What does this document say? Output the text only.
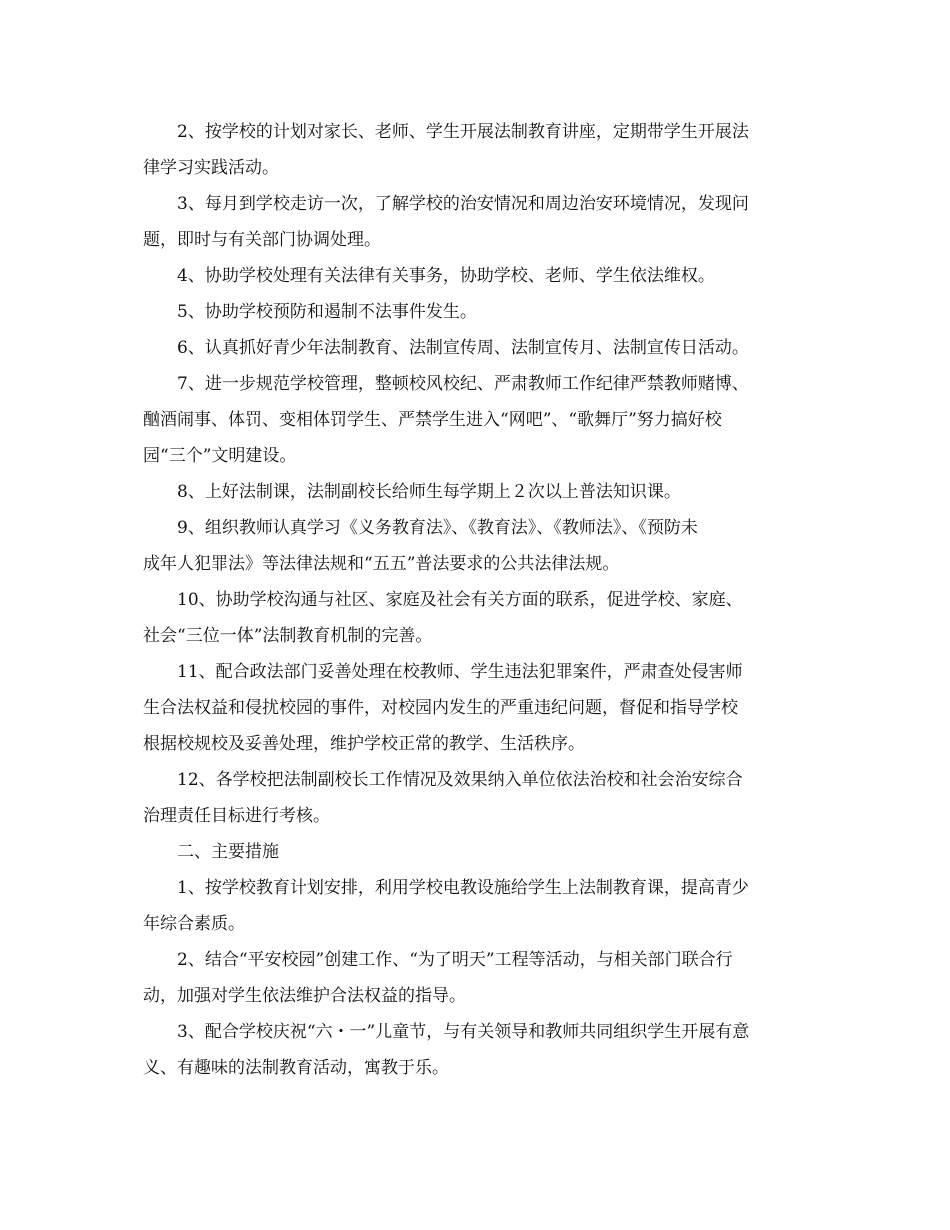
2、按学校的计划对家长、老师、学生开展法制教育讲座，定期带学生开展法
律学习实践活动。
3、每月到学校走访一次，了解学校的治安情况和周边治安环境情况，发现问
题，即时与有关部门协调处理。
4、协助学校处理有关法律有关事务，协助学校、老师、学生依法维权。
5、协助学校预防和遏制不法事件发生。
6、认真抓好青少年法制教育、法制宣传周、法制宣传月、法制宣传日活动。
7、进一步规范学校管理，整顿校风校纪、严肃教师工作纪律严禁教师赌博、
酗酒闹事、体罚、变相体罚学生、严禁学生进入“网吧”、“歌舞厅”努力搞好校
园“三个”文明建设。
8、上好法制课，法制副校长给师生每学期上２次以上普法知识课。
9、组织教师认真学习《义务教育法》、《教育法》、《教师法》、《预防未
成年人犯罪法》等法律法规和“五五”普法要求的公共法律法规。
10、协助学校沟通与社区、家庭及社会有关方面的联系，促进学校、家庭、
社会“三位一体”法制教育机制的完善。
11、配合政法部门妥善处理在校教师、学生违法犯罪案件，严肃查处侵害师
生合法权益和侵扰校园的事件，对校园内发生的严重违纪问题，督促和指导学校
根据校规校及妥善处理，维护学校正常的教学、生活秩序。
12、各学校把法制副校长工作情况及效果纳入单位依法治校和社会治安综合
治理责任目标进行考核。
二、主要措施
1、按学校教育计划安排，利用学校电教设施给学生上法制教育课，提高青少
年综合素质。
2、结合“平安校园”创建工作、“为了明天”工程等活动，与相关部门联合行
动，加强对学生依法维护合法权益的指导。
3、配合学校庆祝“六・一”儿童节，与有关领导和教师共同组织学生开展有意
义、有趣味的法制教育活动，寓教于乐。
